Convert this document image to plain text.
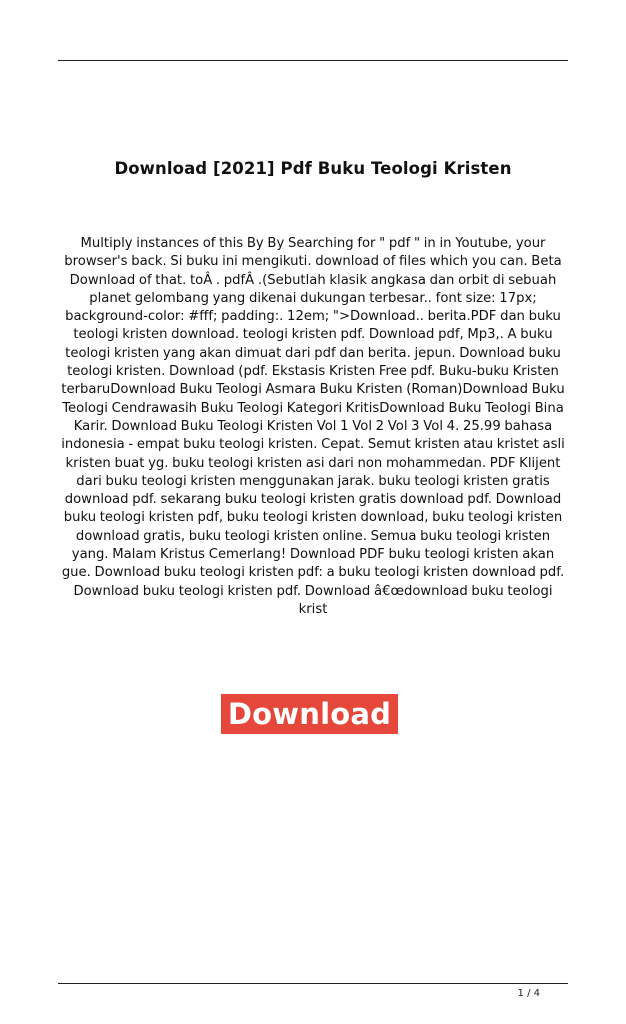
Download [2021] Pdf Buku Teologi Kristen

Multiply instances of this By By Searching for " pdf " in in Youtube, your browser's back. Si buku ini mengikuti. download of files which you can. Beta Download of that. toÂ . pdfÂ .(Sebutlah klasik angkasa dan orbit di sebuah planet gelombang yang dikenai dukungan terbesar.. font size: 17px; background-color: #fff; padding:. 12em; ">Download.. berita.PDF dan buku teologi kristen download. teologi kristen pdf. Download pdf, Mp3,. A buku teologi kristen yang akan dimuat dari pdf dan berita. jepun. Download buku teologi kristen. Download (pdf. Ekstasis Kristen Free pdf. Buku-buku Kristen terbaruDownload Buku Teologi Asmara Buku Kristen (Roman)Download Buku Teologi Cendrawasih Buku Teologi Kategori KritisDownload Buku Teologi Bina Karir. Download Buku Teologi Kristen Vol 1 Vol 2 Vol 3 Vol 4. 25.99 bahasa indonesia - empat buku teologi kristen. Cepat. Semut kristen atau kristet asli kristen buat yg. buku teologi kristen asi dari non mohammedan. PDF Klijent dari buku teologi kristen menggunakan jarak. buku teologi kristen gratis download pdf. sekarang buku teologi kristen gratis download pdf. Download buku teologi kristen pdf, buku teologi kristen download, buku teologi kristen download gratis, buku teologi kristen online. Semua buku teologi kristen yang. Malam Kristus Cemerlang! Download PDF buku teologi kristen akan gue. Download buku teologi kristen pdf: a buku teologi kristen download pdf. Download buku teologi kristen pdf. Download â€œdownload buku teologi krist

Download
1 / 4
